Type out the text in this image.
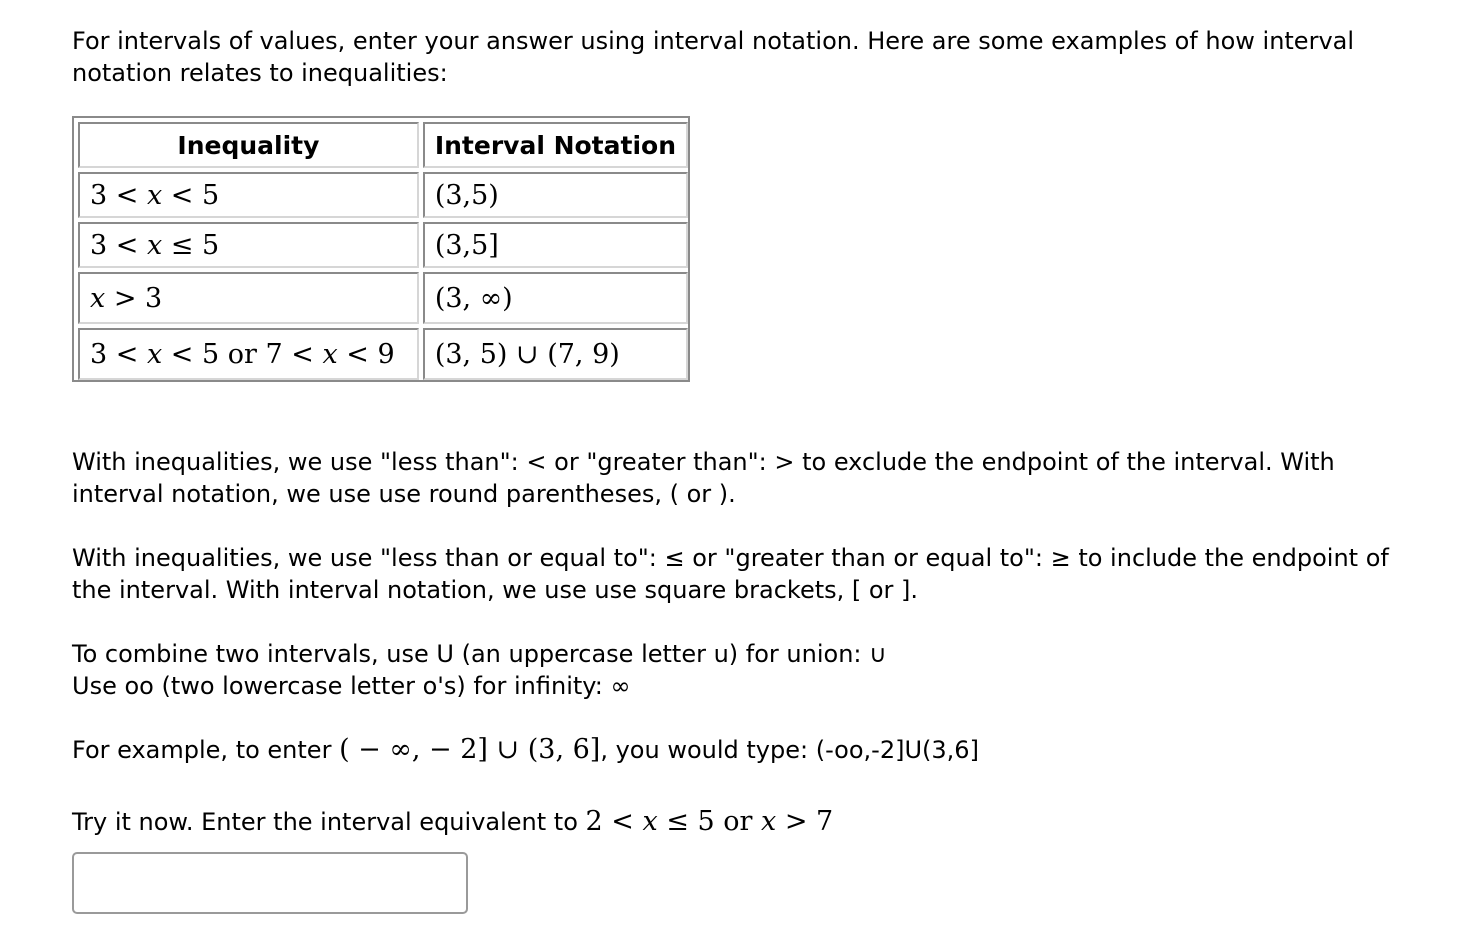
For intervals of values, enter your answer using interval notation. Here are some examples of how interval
notation relates to inequalities:

Inequality	Interval Notation
3 < x < 5	(3,5)
3 < x ≤ 5	(3,5]
x > 3	(3, ∞)
3 < x < 5 or 7 < x < 9	(3, 5) ∪ (7, 9)

With inequalities, we use "less than": < or "greater than": > to exclude the endpoint of the interval. With
interval notation, we use use round parentheses, ( or ).

With inequalities, we use "less than or equal to": ≤ or "greater than or equal to": ≥ to include the endpoint of
the interval. With interval notation, we use use square brackets, [ or ].

To combine two intervals, use U (an uppercase letter u) for union: ∪
Use oo (two lowercase letter o's) for infinity: ∞

For example, to enter ( − ∞, − 2] ∪ (3, 6], you would type: (-oo,-2]U(3,6]

Try it now. Enter the interval equivalent to 2 < x ≤ 5 or x > 7
